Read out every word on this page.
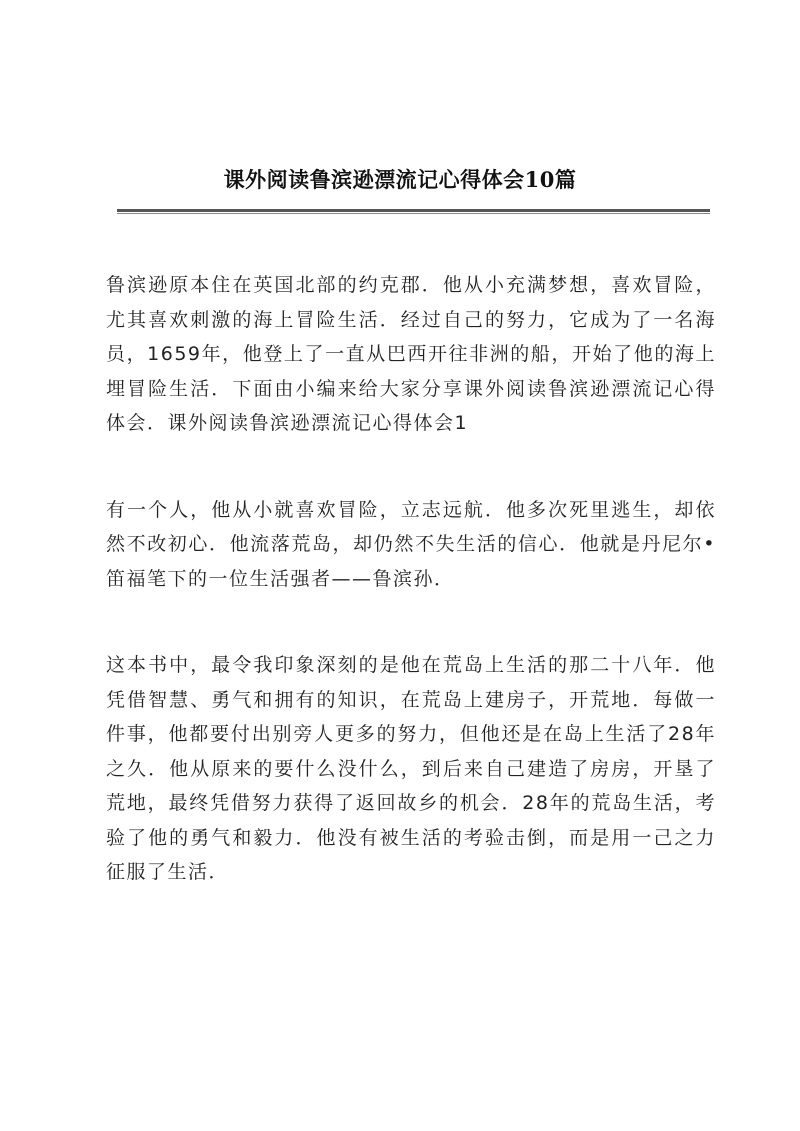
课外阅读鲁滨逊漂流记心得体会10篇

鲁滨逊原本住在英国北部的约克郡．他从小充满梦想，喜欢冒险，尤其喜欢刺激的海上冒险生活．经过自己的努力，它成为了一名海员，1659年，他登上了一直从巴西开往非洲的船，开始了他的海上埋冒险生活．下面由小编来给大家分享课外阅读鲁滨逊漂流记心得体会．课外阅读鲁滨逊漂流记心得体会1

有一个人，他从小就喜欢冒险，立志远航．他多次死里逃生，却依然不改初心．他流落荒岛，却仍然不失生活的信心．他就是丹尼尔•笛福笔下的一位生活强者——鲁滨孙．

这本书中，最令我印象深刻的是他在荒岛上生活的那二十八年．他凭借智慧、勇气和拥有的知识，在荒岛上建房子，开荒地．每做一件事，他都要付出别旁人更多的努力，但他还是在岛上生活了28年之久．他从原来的要什么没什么，到后来自己建造了房房，开垦了荒地，最终凭借努力获得了返回故乡的机会．28年的荒岛生活，考验了他的勇气和毅力．他没有被生活的考验击倒，而是用一己之力征服了生活．
